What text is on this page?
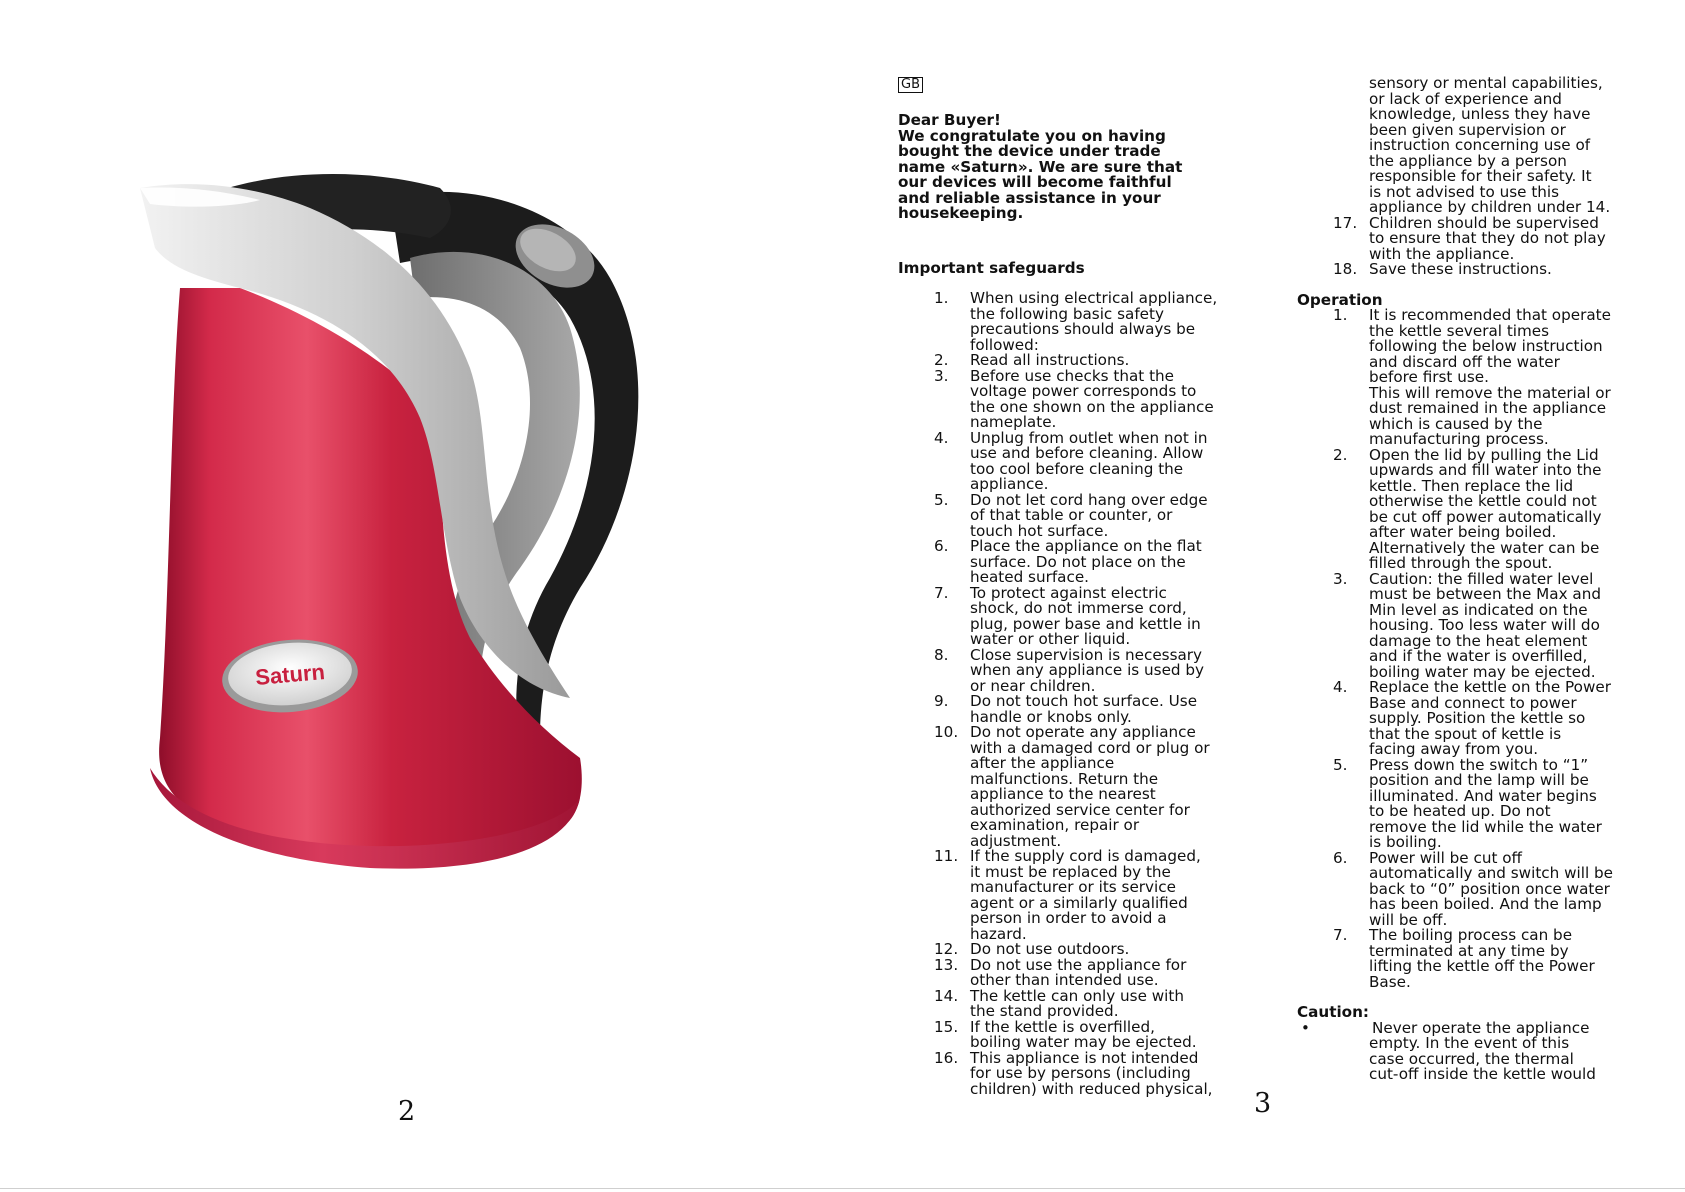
Saturn
2
GB
Dear Buyer!
We congratulate you on having
bought the device under trade
name «Saturn». We are sure that
our devices will become faithful
and reliable assistance in your
housekeeping.
Important safeguards
1.	When using electrical appliance,
the following basic safety
precautions should always be
followed:
2.	Read all instructions.
3.	Before use checks that the
voltage power corresponds to
the one shown on the appliance
nameplate.
4.	Unplug from outlet when not in
use and before cleaning. Allow
too cool before cleaning the
appliance.
5.	Do not let cord hang over edge
of that table or counter, or
touch hot surface.
6.	Place the appliance on the flat
surface. Do not place on the
heated surface.
7.	To protect against electric
shock, do not immerse cord,
plug, power base and kettle in
water or other liquid.
8.	Close supervision is necessary
when any appliance is used by
or near children.
9.	Do not touch hot surface. Use
handle or knobs only.
10. Do not operate any appliance
with a damaged cord or plug or
after the appliance
malfunctions. Return the
appliance to the nearest
authorized service center for
examination, repair or
adjustment.
11. If the supply cord is damaged,
it must be replaced by the
manufacturer or its service
agent or a similarly qualified
person in order to avoid a
hazard.
12. Do not use outdoors.
13. Do not use the appliance for
other than intended use.
14. The kettle can only use with
the stand provided.
15. If the kettle is overfilled,
boiling water may be ejected.
16. This appliance is not intended
for use by persons (including
children) with reduced physical,
sensory or mental capabilities,
or lack of experience and
knowledge, unless they have
been given supervision or
instruction concerning use of
the appliance by a person
responsible for their safety. It
is not advised to use this
appliance by children under 14.
17. Children should be supervised
to ensure that they do not play
with the appliance.
18. Save these instructions.
Operation
1.	It is recommended that operate
the kettle several times
following the below instruction
and discard off the water
before first use.
This will remove the material or
dust remained in the appliance
which is caused by the
manufacturing process.
2.	Open the lid by pulling the Lid
upwards and fill water into the
kettle. Then replace the lid
otherwise the kettle could not
be cut off power automatically
after water being boiled.
Alternatively the water can be
filled through the spout.
3.	Caution: the filled water level
must be between the Max and
Min level as indicated on the
housing. Too less water will do
damage to the heat element
and if the water is overfilled,
boiling water may be ejected.
4.	Replace the kettle on the Power
Base and connect to power
supply. Position the kettle so
that the spout of kettle is
facing away from you.
5.	Press down the switch to “1”
position and the lamp will be
illuminated. And water begins
to be heated up. Do not
remove the lid while the water
is boiling.
6.	Power will be cut off
automatically and switch will be
back to “0” position once water
has been boiled. And the lamp
will be off.
7.	The boiling process can be
terminated at any time by
lifting the kettle off the Power
Base.
Caution:
•	Never operate the appliance
empty. In the event of this
case occurred, the thermal
cut-off inside the kettle would
3
